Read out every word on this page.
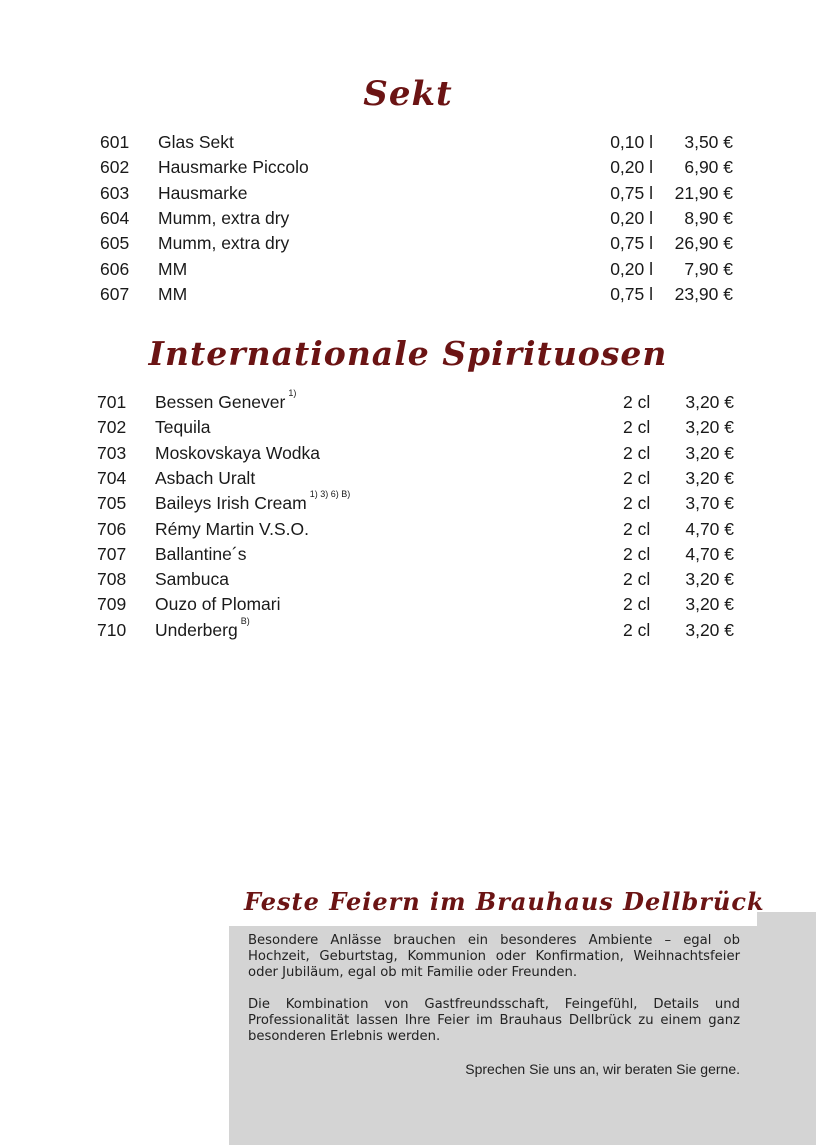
Sekt
601 Glas Sekt	0,10 l 3,50 €
602 Hausmarke Piccolo	0,20 l 6,90 €
603 Hausmarke	0,75 l 21,90 €
604 Mumm, extra dry	0,20 l 8,90 €
605 Mumm, extra dry	0,75 l 26,90 €
606 MM	0,20 l 7,90 €
607 MM	0,75 l 23,90 €
Internationale Spirituosen
701 Bessen Genever $^{1)}$	2 cl 3,20 €
702 Tequila	2 cl 3,20 €
703 Moskovskaya Wodka	2 cl 3,20 €
704 Asbach Uralt	2 cl 3,20 €
705 Baileys Irish Cream $^{1) 3) 6) B)}$	2 cl 3,70 €
706 Rémy Martin V.S.O.	2 cl 4,70 €
707 Ballantine´s	2 cl 4,70 €
708 Sambuca	2 cl 3,20 €
709 Ouzo of Plomari	2 cl 3,20 €
710 Underberg $^{B)}$	2 cl 3,20 €
Feste Feiern im Brauhaus Dellbrück

Besondere Anlässe brauchen ein besonderes Ambiente – egal ob Hochzeit, Geburtstag, Kommunion oder Konfirmation, Weihnachtsfeier oder Jubiläum, egal ob mit Familie oder Freunden.

Die Kombination von Gastfreundsschaft, Feingefühl, Details und Professionalität lassen Ihre Feier im Brauhaus Dellbrück zu einem ganz besonderen Erlebnis werden.

Sprechen Sie uns an, wir beraten Sie gerne.
